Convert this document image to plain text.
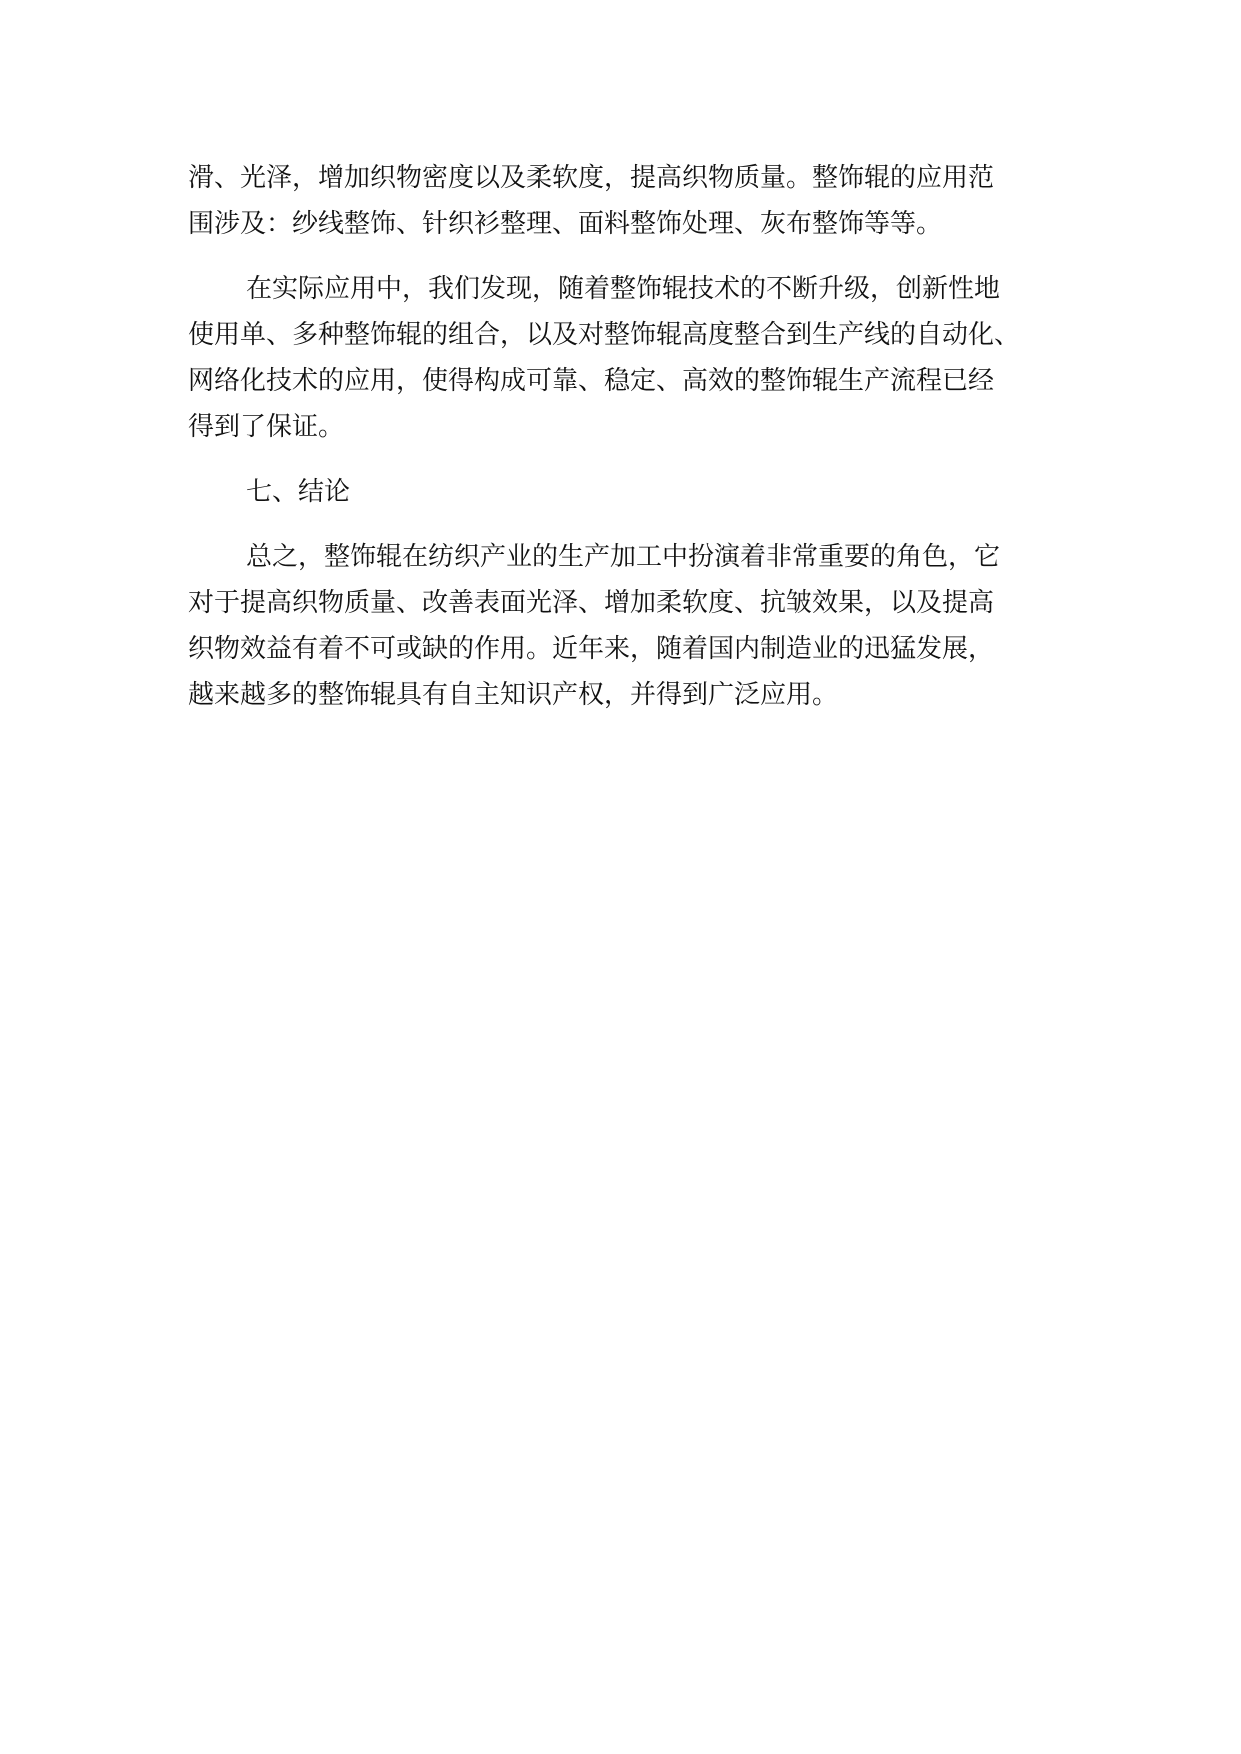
滑、光泽，增加织物密度以及柔软度，提高织物质量。整饰辊的应用范
围涉及：纱线整饰、针织衫整理、面料整饰处理、灰布整饰等等。
在实际应用中，我们发现，随着整饰辊技术的不断升级，创新性地
使用单、多种整饰辊的组合，以及对整饰辊高度整合到生产线的自动化、
网络化技术的应用，使得构成可靠、稳定、高效的整饰辊生产流程已经
得到了保证。
七、结论
总之，整饰辊在纺织产业的生产加工中扮演着非常重要的角色，它
对于提高织物质量、改善表面光泽、增加柔软度、抗皱效果，以及提高
织物效益有着不可或缺的作用。近年来，随着国内制造业的迅猛发展，
越来越多的整饰辊具有自主知识产权，并得到广泛应用。
